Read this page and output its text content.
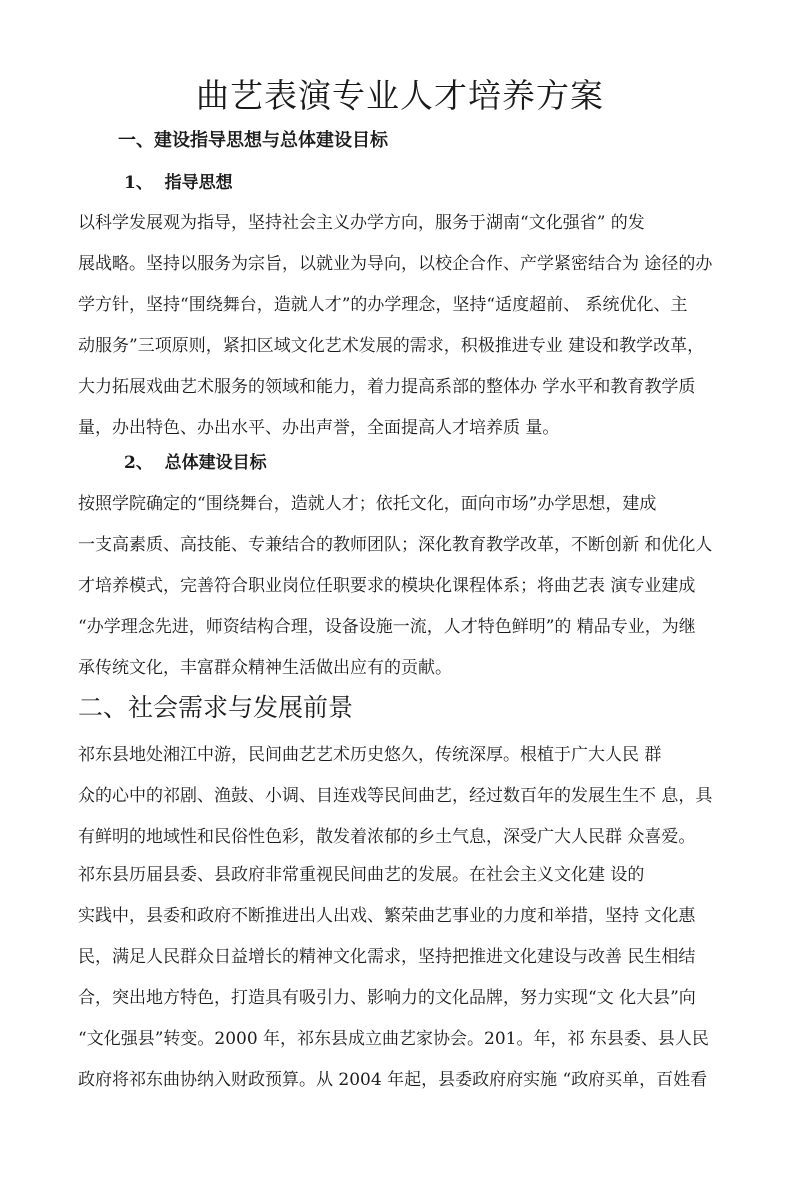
曲艺表演专业人才培养方案
一、建设指导思想与总体建设目标
1、  指导思想
以科学发展观为指导，坚持社会主义办学方向，服务于湖南“文化强省” 的发
展战略。坚持以服务为宗旨，以就业为导向，以校企合作、产学紧密结合为 途径的办
学方针，坚持“围绕舞台，造就人才”的办学理念，坚持“适度超前、 系统优化、主
动服务”三项原则，紧扣区域文化艺术发展的需求，积极推进专业 建设和教学改革，
大力拓展戏曲艺术服务的领域和能力，着力提高系部的整体办 学水平和教育教学质
量，办出特色、办出水平、办出声誉，全面提高人才培养质 量。
2、  总体建设目标
按照学院确定的“围绕舞台，造就人才；依托文化，面向市场”办学思想，建成
一支高素质、高技能、专兼结合的教师团队；深化教育教学改革，不断创新 和优化人
才培养模式，完善符合职业岗位任职要求的模块化课程体系；将曲艺表 演专业建成
“办学理念先进，师资结构合理，设备设施一流，人才特色鲜明”的 精品专业，为继
承传统文化，丰富群众精神生活做出应有的贡献。
二、社会需求与发展前景
祁东县地处湘江中游，民间曲艺艺术历史悠久，传统深厚。根植于广大人民 群
众的心中的祁剧、渔鼓、小调、目连戏等民间曲艺，经过数百年的发展生生不 息，具
有鲜明的地域性和民俗性色彩，散发着浓郁的乡土气息，深受广大人民群 众喜爱。
祁东县历届县委、县政府非常重视民间曲艺的发展。在社会主义文化建 设的
实践中，县委和政府不断推进出人出戏、繁荣曲艺事业的力度和举措，坚持 文化惠
民，满足人民群众日益增长的精神文化需求，坚持把推进文化建设与改善 民生相结
合，突出地方特色，打造具有吸引力、影响力的文化品牌，努力实现“文 化大县”向
“文化强县”转变。2000 年，祁东县成立曲艺家协会。201。年，祁 东县委、县人民
政府将祁东曲协纳入财政预算。从 2004 年起，县委政府府实施 “政府买单，百姓看
